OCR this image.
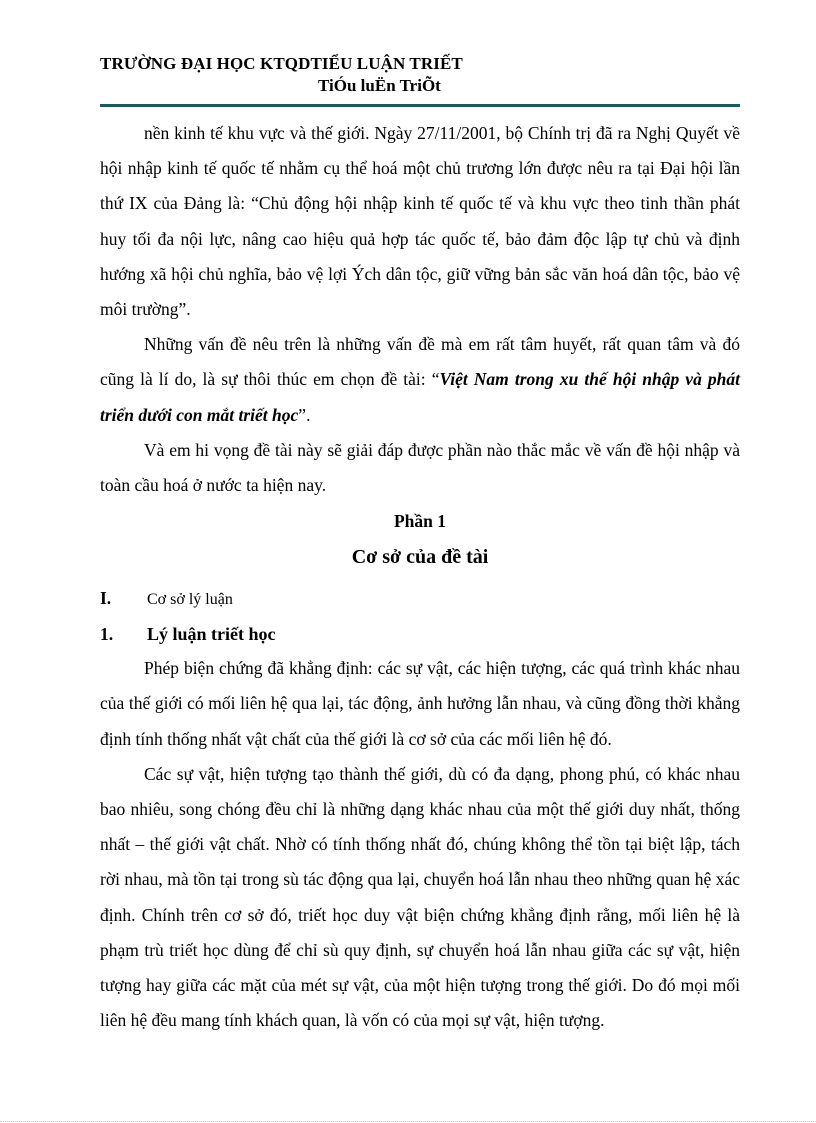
TRƯỜNG ĐẠI HỌC KTQDTIỂU LUẬN TRIẾT
TiÓu luËn TriÕt

nền kinh tế khu vực và thế giới. Ngày 27/11/2001, bộ Chính trị đã ra Nghị Quyết về hội nhập kinh tế quốc tế nhằm cụ thể hoá một chủ trương lớn được nêu ra tại Đại hội lần thứ IX của Đảng là: “Chủ động hội nhập kinh tế quốc tế và khu vực theo tinh thần phát huy tối đa nội lực, nâng cao hiệu quả hợp tác quốc tế, bảo đảm độc lập tự chủ và định hướng xã hội chủ nghĩa, bảo vệ lợi Ých dân tộc, giữ vững bản sắc văn hoá dân tộc, bảo vệ môi trường”.

Những vấn đề nêu trên là những vấn đề mà em rất tâm huyết, rất quan tâm và đó cũng là lí do, là sự thôi thúc em chọn đề tài: “Việt Nam trong xu thế hội nhập và phát triển dưới con mắt triết học”.

Và em hi vọng đề tài này sẽ giải đáp được phần nào thắc mắc về vấn đề hội nhập và toàn cầu hoá ở nước ta hiện nay.

Phần 1

Cơ sở của đề tài

I.	Cơ sở lý luận
1.	Lý luận triết học

Phép biện chứng đã khẳng định: các sự vật, các hiện tượng, các quá trình khác nhau của thế giới có mối liên hệ qua lại, tác động, ảnh hưởng lẫn nhau, và cũng đồng thời khẳng định tính thống nhất vật chất của thế giới là cơ sở của các mối liên hệ đó.

Các sự vật, hiện tượng tạo thành thế giới, dù có đa dạng, phong phú, có khác nhau bao nhiêu, song chóng đều chỉ là những dạng khác nhau của một thế giới duy nhất, thống nhất – thế giới vật chất. Nhờ có tính thống nhất đó, chúng không thể tồn tại biệt lập, tách rời nhau, mà tồn tại trong sù tác động qua lại, chuyển hoá lẫn nhau theo những quan hệ xác định. Chính trên cơ sở đó, triết học duy vật biện chứng khẳng định rằng, mối liên hệ là phạm trù triết học dùng để chỉ sù quy định, sự chuyển hoá lẫn nhau giữa các sự vật, hiện tượng hay giữa các mặt của mét sự vật, của một hiện tượng trong thế giới. Do đó mọi mối liên hệ đều mang tính khách quan, là vốn có của mọi sự vật, hiện tượng.
